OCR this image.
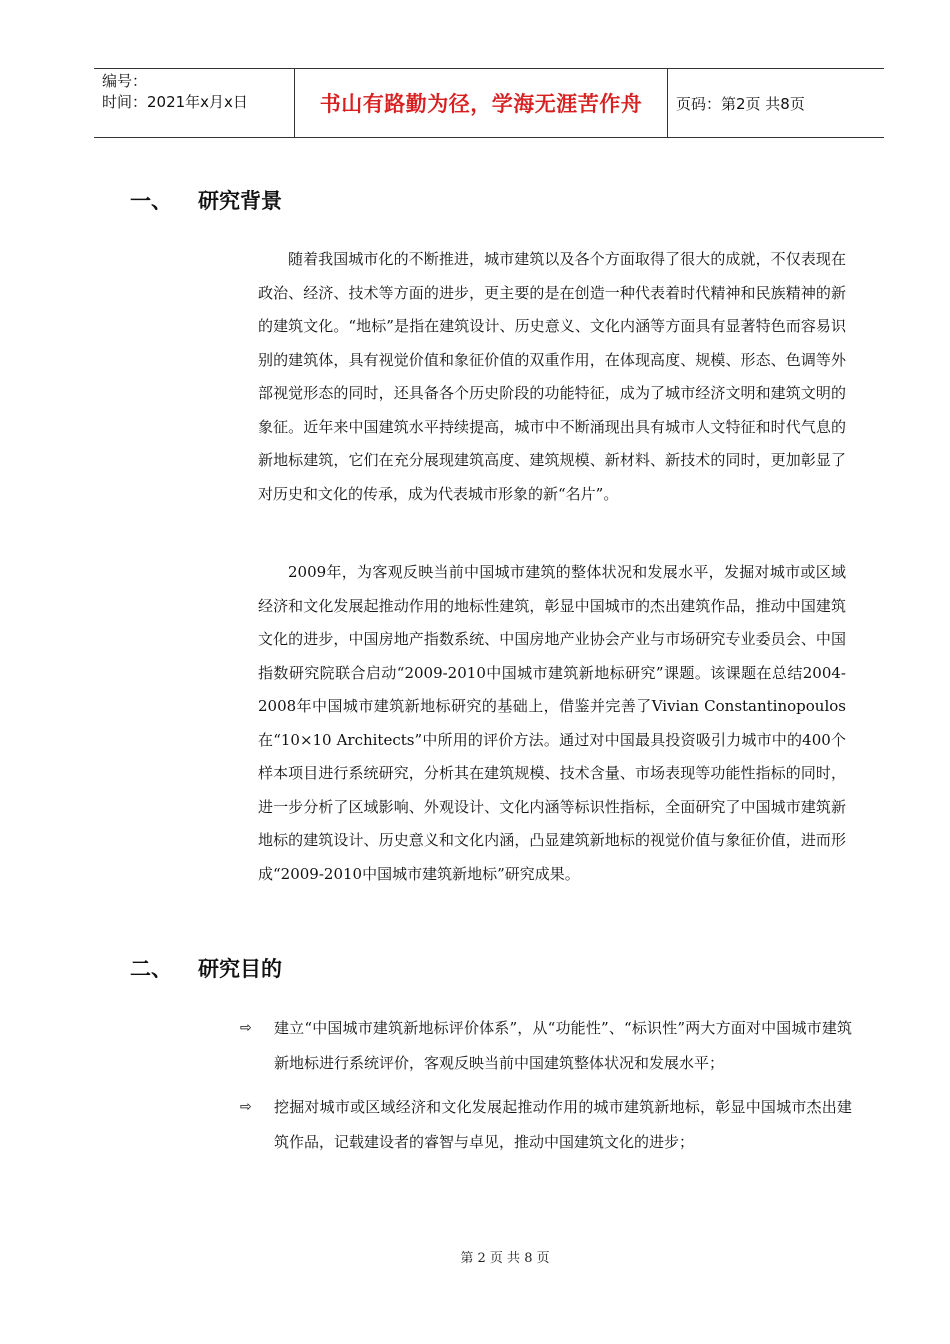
编号：
时间：2021年x月x日	书山有路勤为径，学海无涯苦作舟	页码：第2页 共8页
一、 研究背景
随着我国城市化的不断推进，城市建筑以及各个方面取得了很大的成就，不仅表现在政治、经济、技术等方面的进步，更主要的是在创造一种代表着时代精神和民族精神的新的建筑文化。“地标”是指在建筑设计、历史意义、文化内涵等方面具有显著特色而容易识别的建筑体，具有视觉价值和象征价值的双重作用，在体现高度、规模、形态、色调等外部视觉形态的同时，还具备各个历史阶段的功能特征，成为了城市经济文明和建筑文明的象征。近年来中国建筑水平持续提高，城市中不断涌现出具有城市人文特征和时代气息的新地标建筑，它们在充分展现建筑高度、建筑规模、新材料、新技术的同时，更加彰显了对历史和文化的传承，成为代表城市形象的新“名片”。
2009年，为客观反映当前中国城市建筑的整体状况和发展水平，发掘对城市或区域经济和文化发展起推动作用的地标性建筑，彰显中国城市的杰出建筑作品，推动中国建筑文化的进步，中国房地产指数系统、中国房地产业协会产业与市场研究专业委员会、中国指数研究院联合启动“2009-2010中国城市建筑新地标研究”课题。该课题在总结2004-2008年中国城市建筑新地标研究的基础上，借鉴并完善了Vivian Constantinopoulos在“10×10 Architects”中所用的评价方法。通过对中国最具投资吸引力城市中的400个样本项目进行系统研究，分析其在建筑规模、技术含量、市场表现等功能性指标的同时，进一步分析了区域影响、外观设计、文化内涵等标识性指标，全面研究了中国城市建筑新地标的建筑设计、历史意义和文化内涵，凸显建筑新地标的视觉价值与象征价值，进而形成“2009-2010中国城市建筑新地标”研究成果。
二、 研究目的
⇨	建立“中国城市建筑新地标评价体系”，从“功能性”、“标识性”两大方面对中国城市建筑新地标进行系统评价，客观反映当前中国建筑整体状况和发展水平；
⇨	挖掘对城市或区域经济和文化发展起推动作用的城市建筑新地标，彰显中国城市杰出建筑作品，记载建设者的睿智与卓见，推动中国建筑文化的进步；
第 2 页 共 8 页
